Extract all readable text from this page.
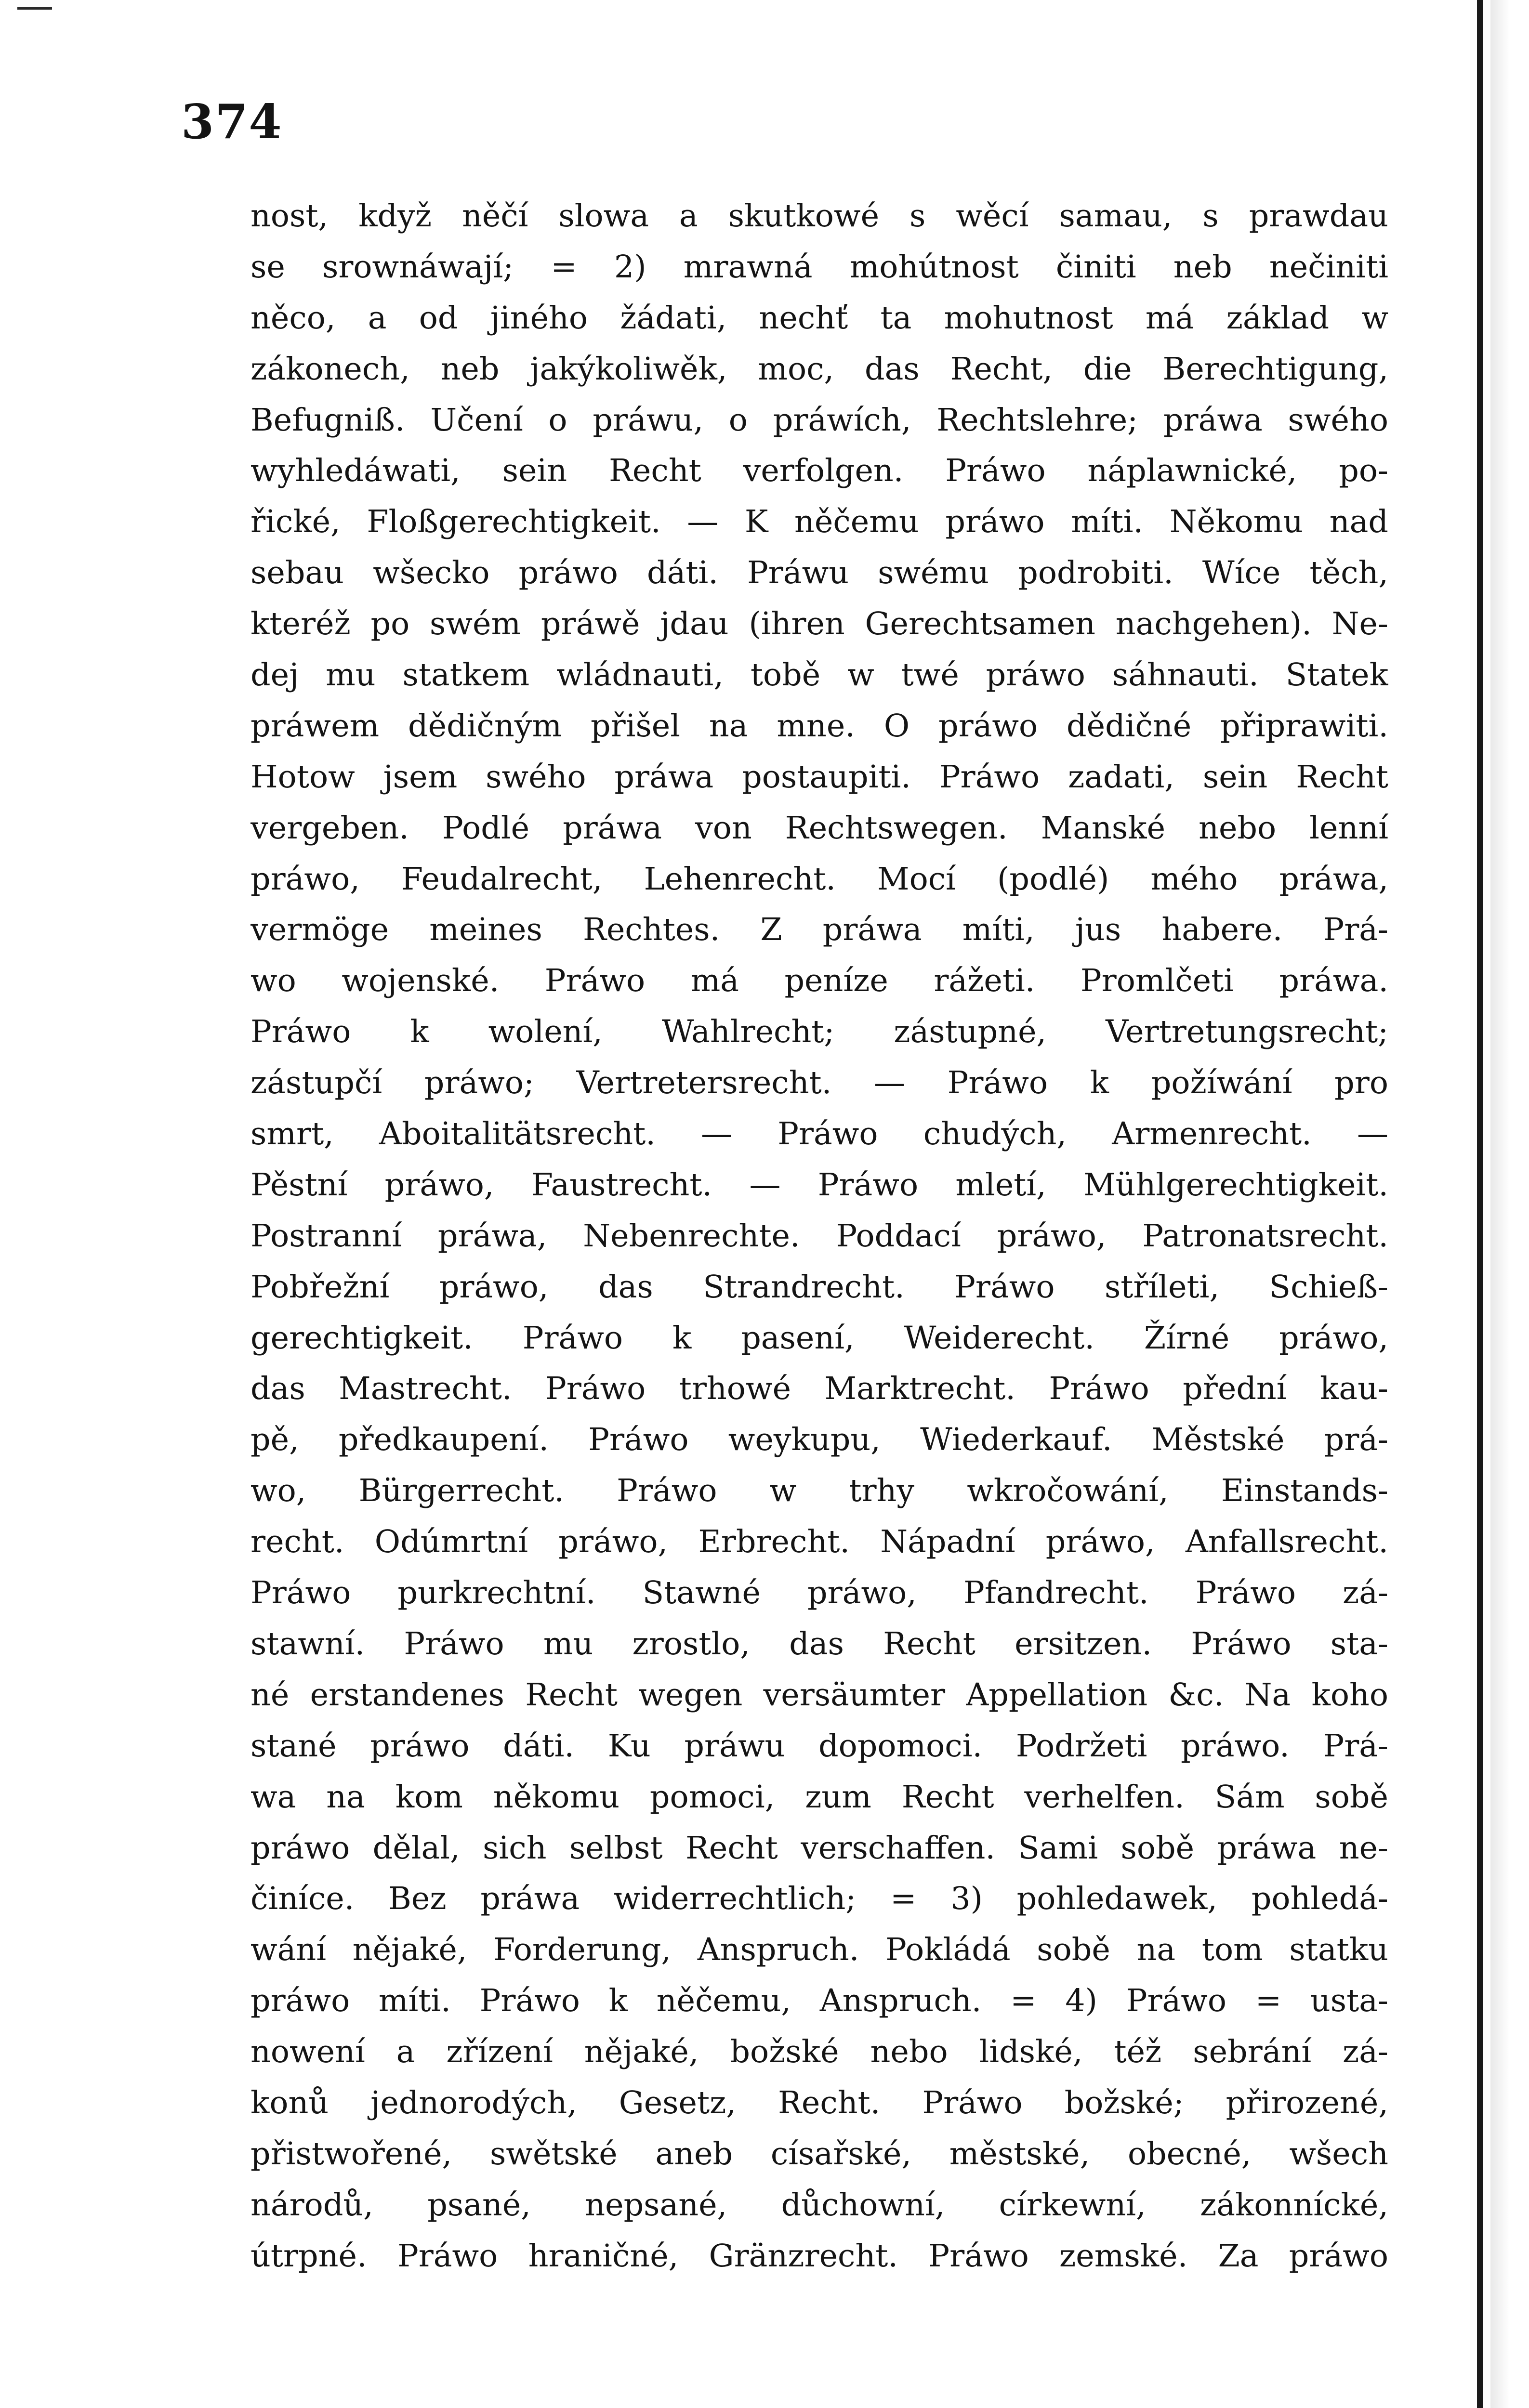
374
nost, když něčí slowa a skutkowé s wěcí samau, s prawdau
se srownáwají; = 2) mrawná mohútnost činiti neb nečiniti
něco, a od jiného žádati, nechť ta mohutnost má základ w
zákonech, neb jakýkoliwěk, moc, das Recht, die Berechtigung,
Befugniß. Učení o práwu, o práwích, Rechtslehre; práwa swého
wyhledáwati, sein Recht verfolgen. Práwo náplawnické, po-
řické, Floßgerechtigkeit. — K něčemu práwo míti. Někomu nad
sebau wšecko práwo dáti. Práwu swému podrobiti. Wíce těch,
kteréž po swém práwě jdau (ihren Gerechtsamen nachgehen). Ne-
dej mu statkem wládnauti, tobě w twé práwo sáhnauti. Statek
práwem dědičným přišel na mne. O práwo dědičné připrawiti.
Hotow jsem swého práwa postaupiti. Práwo zadati, sein Recht
vergeben. Podlé práwa von Rechtswegen. Manské nebo lenní
práwo, Feudalrecht, Lehenrecht. Mocí (podlé) mého práwa,
vermöge meines Rechtes. Z práwa míti, jus habere. Prá-
wo wojenské. Práwo má peníze rážeti. Promlčeti práwa.
Práwo k wolení, Wahlrecht; zástupné, Vertretungsrecht;
zástupčí práwo; Vertretersrecht. — Práwo k požíwání pro
smrt, Aboitalitätsrecht. — Práwo chudých, Armenrecht. —
Pěstní práwo, Faustrecht. — Práwo mletí, Mühlgerechtigkeit.
Postranní práwa, Nebenrechte. Poddací práwo, Patronatsrecht.
Pobřežní práwo, das Strandrecht. Práwo stříleti, Schieß-
gerechtigkeit. Práwo k pasení, Weiderecht. Žírné práwo,
das Mastrecht. Práwo trhowé Marktrecht. Práwo přední kau-
pě, předkaupení. Práwo weykupu, Wiederkauf. Městské prá-
wo, Bürgerrecht. Práwo w trhy wkročowání, Einstands-
recht. Odúmrtní práwo, Erbrecht. Nápadní práwo, Anfallsrecht.
Práwo purkrechtní. Stawné práwo, Pfandrecht. Práwo zá-
stawní. Práwo mu zrostlo, das Recht ersitzen. Práwo sta-
né erstandenes Recht wegen versäumter Appellation &c. Na koho
stané práwo dáti. Ku práwu dopomoci. Podržeti práwo. Prá-
wa na kom někomu pomoci, zum Recht verhelfen. Sám sobě
práwo dělal, sich selbst Recht verschaffen. Sami sobě práwa ne-
činíce. Bez práwa widerrechtlich; = 3) pohledawek, pohledá-
wání nějaké, Forderung, Anspruch. Pokládá sobě na tom statku
práwo míti. Práwo k něčemu, Anspruch. = 4) Práwo = usta-
nowení a zřízení nějaké, božské nebo lidské, též sebrání zá-
konů jednorodých, Gesetz, Recht. Práwo božské; přirozené,
přistwořené, swětské aneb císařské, městské, obecné, wšech
národů, psané, nepsané, důchowní, církewní, zákonnícké,
útrpné. Práwo hraničné, Gränzrecht. Práwo zemské. Za práwo
